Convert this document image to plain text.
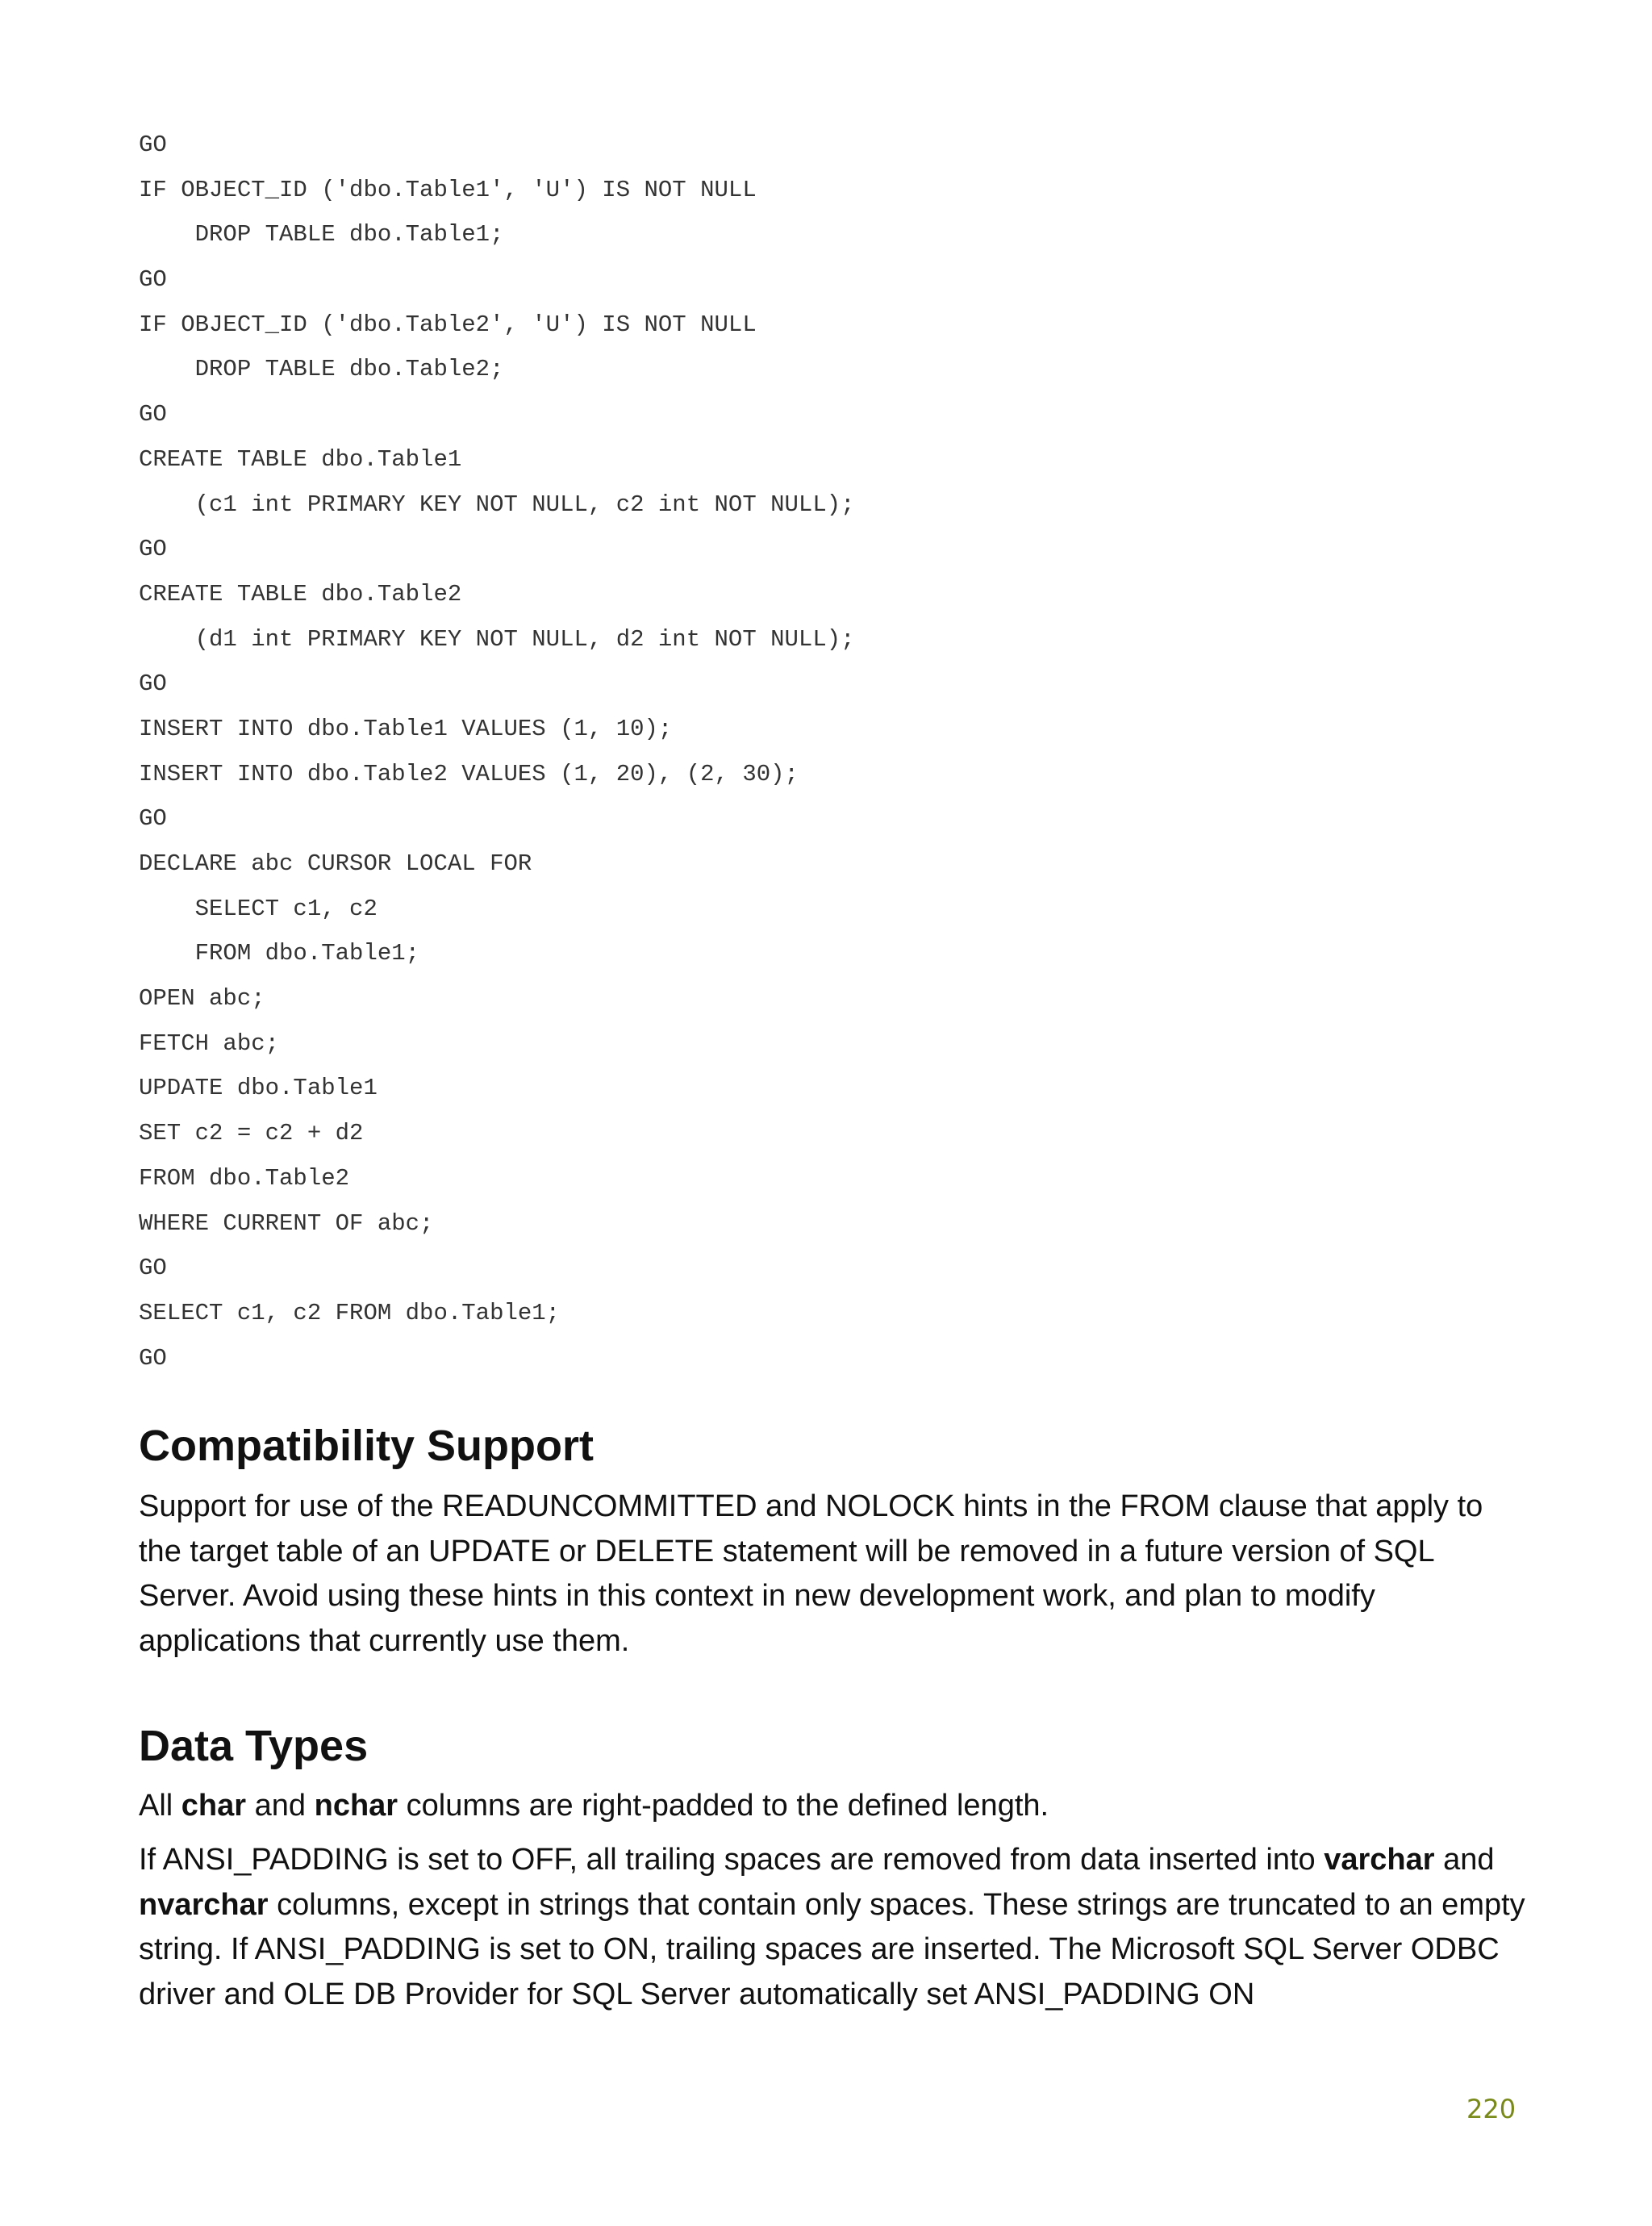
GO
IF OBJECT_ID ('dbo.Table1', 'U') IS NOT NULL
DROP TABLE dbo.Table1;
GO
IF OBJECT_ID ('dbo.Table2', 'U') IS NOT NULL
DROP TABLE dbo.Table2;
GO
CREATE TABLE dbo.Table1
(c1 int PRIMARY KEY NOT NULL, c2 int NOT NULL);
GO
CREATE TABLE dbo.Table2
(d1 int PRIMARY KEY NOT NULL, d2 int NOT NULL);
GO
INSERT INTO dbo.Table1 VALUES (1, 10);
INSERT INTO dbo.Table2 VALUES (1, 20), (2, 30);
GO
DECLARE abc CURSOR LOCAL FOR
SELECT c1, c2
FROM dbo.Table1;
OPEN abc;
FETCH abc;
UPDATE dbo.Table1
SET c2 = c2 + d2
FROM dbo.Table2
WHERE CURRENT OF abc;
GO
SELECT c1, c2 FROM dbo.Table1;
GO
Compatibility Support

Support for use of the READUNCOMMITTED and NOLOCK hints in the FROM clause that apply to the target table of an UPDATE or DELETE statement will be removed in a future version of SQL Server. Avoid using these hints in this context in new development work, and plan to modify applications that currently use them.

Data Types

All char and nchar columns are right-padded to the defined length.

If ANSI_PADDING is set to OFF, all trailing spaces are removed from data inserted into varchar and nvarchar columns, except in strings that contain only spaces. These strings are truncated to an empty string. If ANSI_PADDING is set to ON, trailing spaces are inserted. The Microsoft SQL Server ODBC driver and OLE DB Provider for SQL Server automatically set ANSI_PADDING ON

220
